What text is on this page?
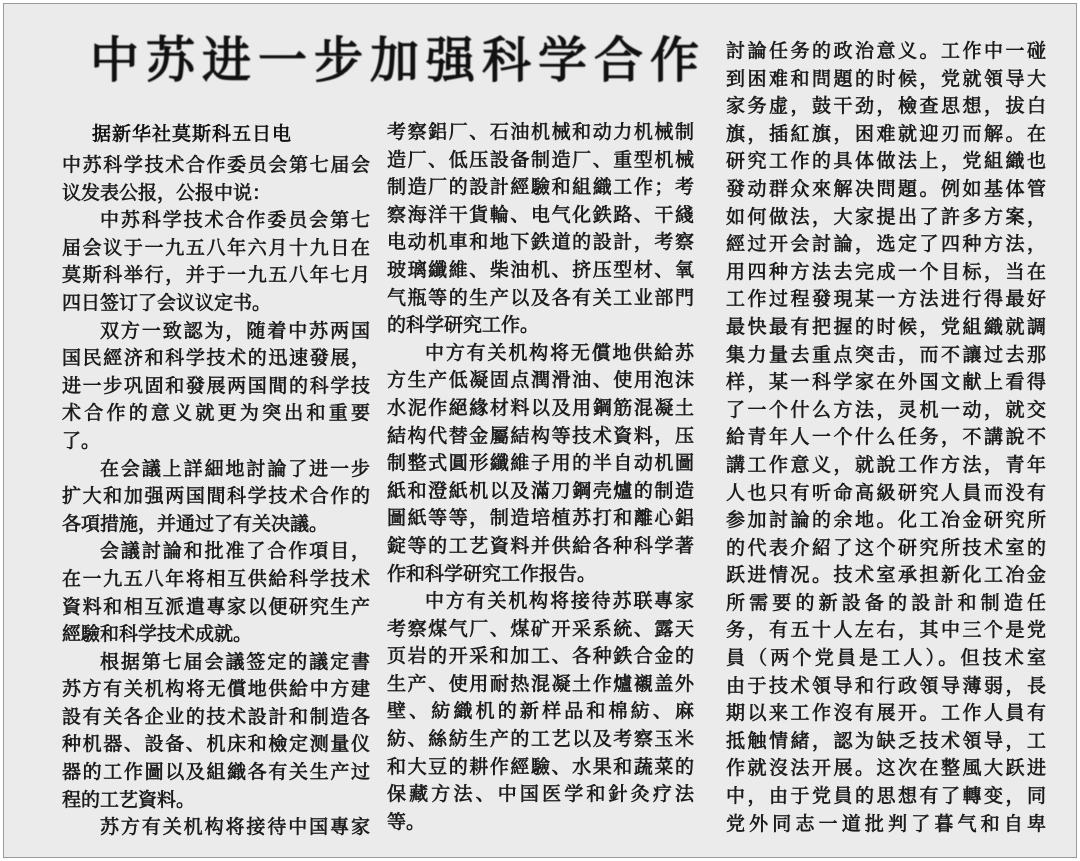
中苏进一步加强科学合作
据新华社莫斯科五日电
中苏科学技术合作委员会第七届会
议发表公报，公报中说：
中苏科学技术合作委员会第七
届会议于一九五八年六月十九日在
莫斯科举行，并于一九五八年七月
四日签订了会议议定书。
双方一致認为，随着中苏两国
国民經济和科学技术的迅速發展，
进一步巩固和發展两国間的科学技
术合作的意义就更为突出和重要
了。
在会議上詳細地討論了进一步
扩大和加强两国間科学技术合作的
各項措施，并通过了有关决議。
会議討論和批准了合作項目，
在一九五八年将相互供給科学技术
資料和相互派遣專家以便研究生产
經驗和科学技术成就。
根据第七届会議签定的議定書
苏方有关机构将无償地供給中方建
設有关各企业的技术設計和制造各
种机器、設备、机床和檢定测量仪
器的工作圖以及組織各有关生产过
程的工艺資料。
苏方有关机构将接待中国專家
考察鋁厂、石油机械和动力机械制
造厂、低压設备制造厂、重型机械
制造厂的設計經驗和組織工作；考
察海洋干貨輪、电气化鉄路、干綫
电动机車和地下鉄道的設計，考察
玻璃纖維、柴油机、挤压型材、氧
气瓶等的生产以及各有关工业部門
的科学研究工作。
中方有关机构将无償地供給苏
方生产低凝固点潤滑油、使用泡沫
水泥作絕緣材料以及用鋼筋混凝土
結构代替金屬結构等技术資料，压
制整式圓形纖維子用的半自动机圖
紙和澄紙机以及滿刀鋼壳爐的制造
圖紙等等，制造培植苏打和離心鋁
錠等的工艺資料并供給各种科学著
作和科学研究工作报告。
中方有关机构将接待苏联專家
考察煤气厂、煤矿开采系統、露天
页岩的开采和加工、各种鉄合金的
生产、使用耐热混凝土作爐襯盖外
壁、紡織机的新样品和棉紡、麻
紡、絲紡生产的工艺以及考察玉米
和大豆的耕作經驗、水果和蔬菜的
保藏方法、中国医学和針灸疗法
等。
討論任务的政治意义。工作中一碰
到困难和問題的时候，党就領导大
家务虚，鼓干劲，檢查思想，拔白
旗，插紅旗，困难就迎刃而解。在
研究工作的具体做法上，党組織也
發动群众來解决問題。例如基体管
如何做法，大家提出了許多方案，
經过开会討論，选定了四种方法，
用四种方法去完成一个目标，当在
工作过程發現某一方法进行得最好
最快最有把握的时候，党組織就調
集力量去重点突击，而不讓过去那
样，某一科学家在外国文献上看得
了一个什么方法，灵机一动，就交
給青年人一个什么任务，不講說不
講工作意义，就說工作方法，青年
人也只有听命高級研究人員而没有
参加討論的余地。化工冶金研究所
的代表介紹了这个研究所技术室的
跃进情况。技术室承担新化工冶金
所需要的新設备的設計和制造任
务，有五十人左右，其中三个是党
員（两个党員是工人）。但技术室
由于技术領导和行政領导薄弱，長
期以来工作沒有展开。工作人員有
抵触情緒，認为缺乏技术領导，工
作就沒法开展。这次在整風大跃进
中，由于党員的思想有了轉变，同
党外同志一道批判了暮气和自卑
